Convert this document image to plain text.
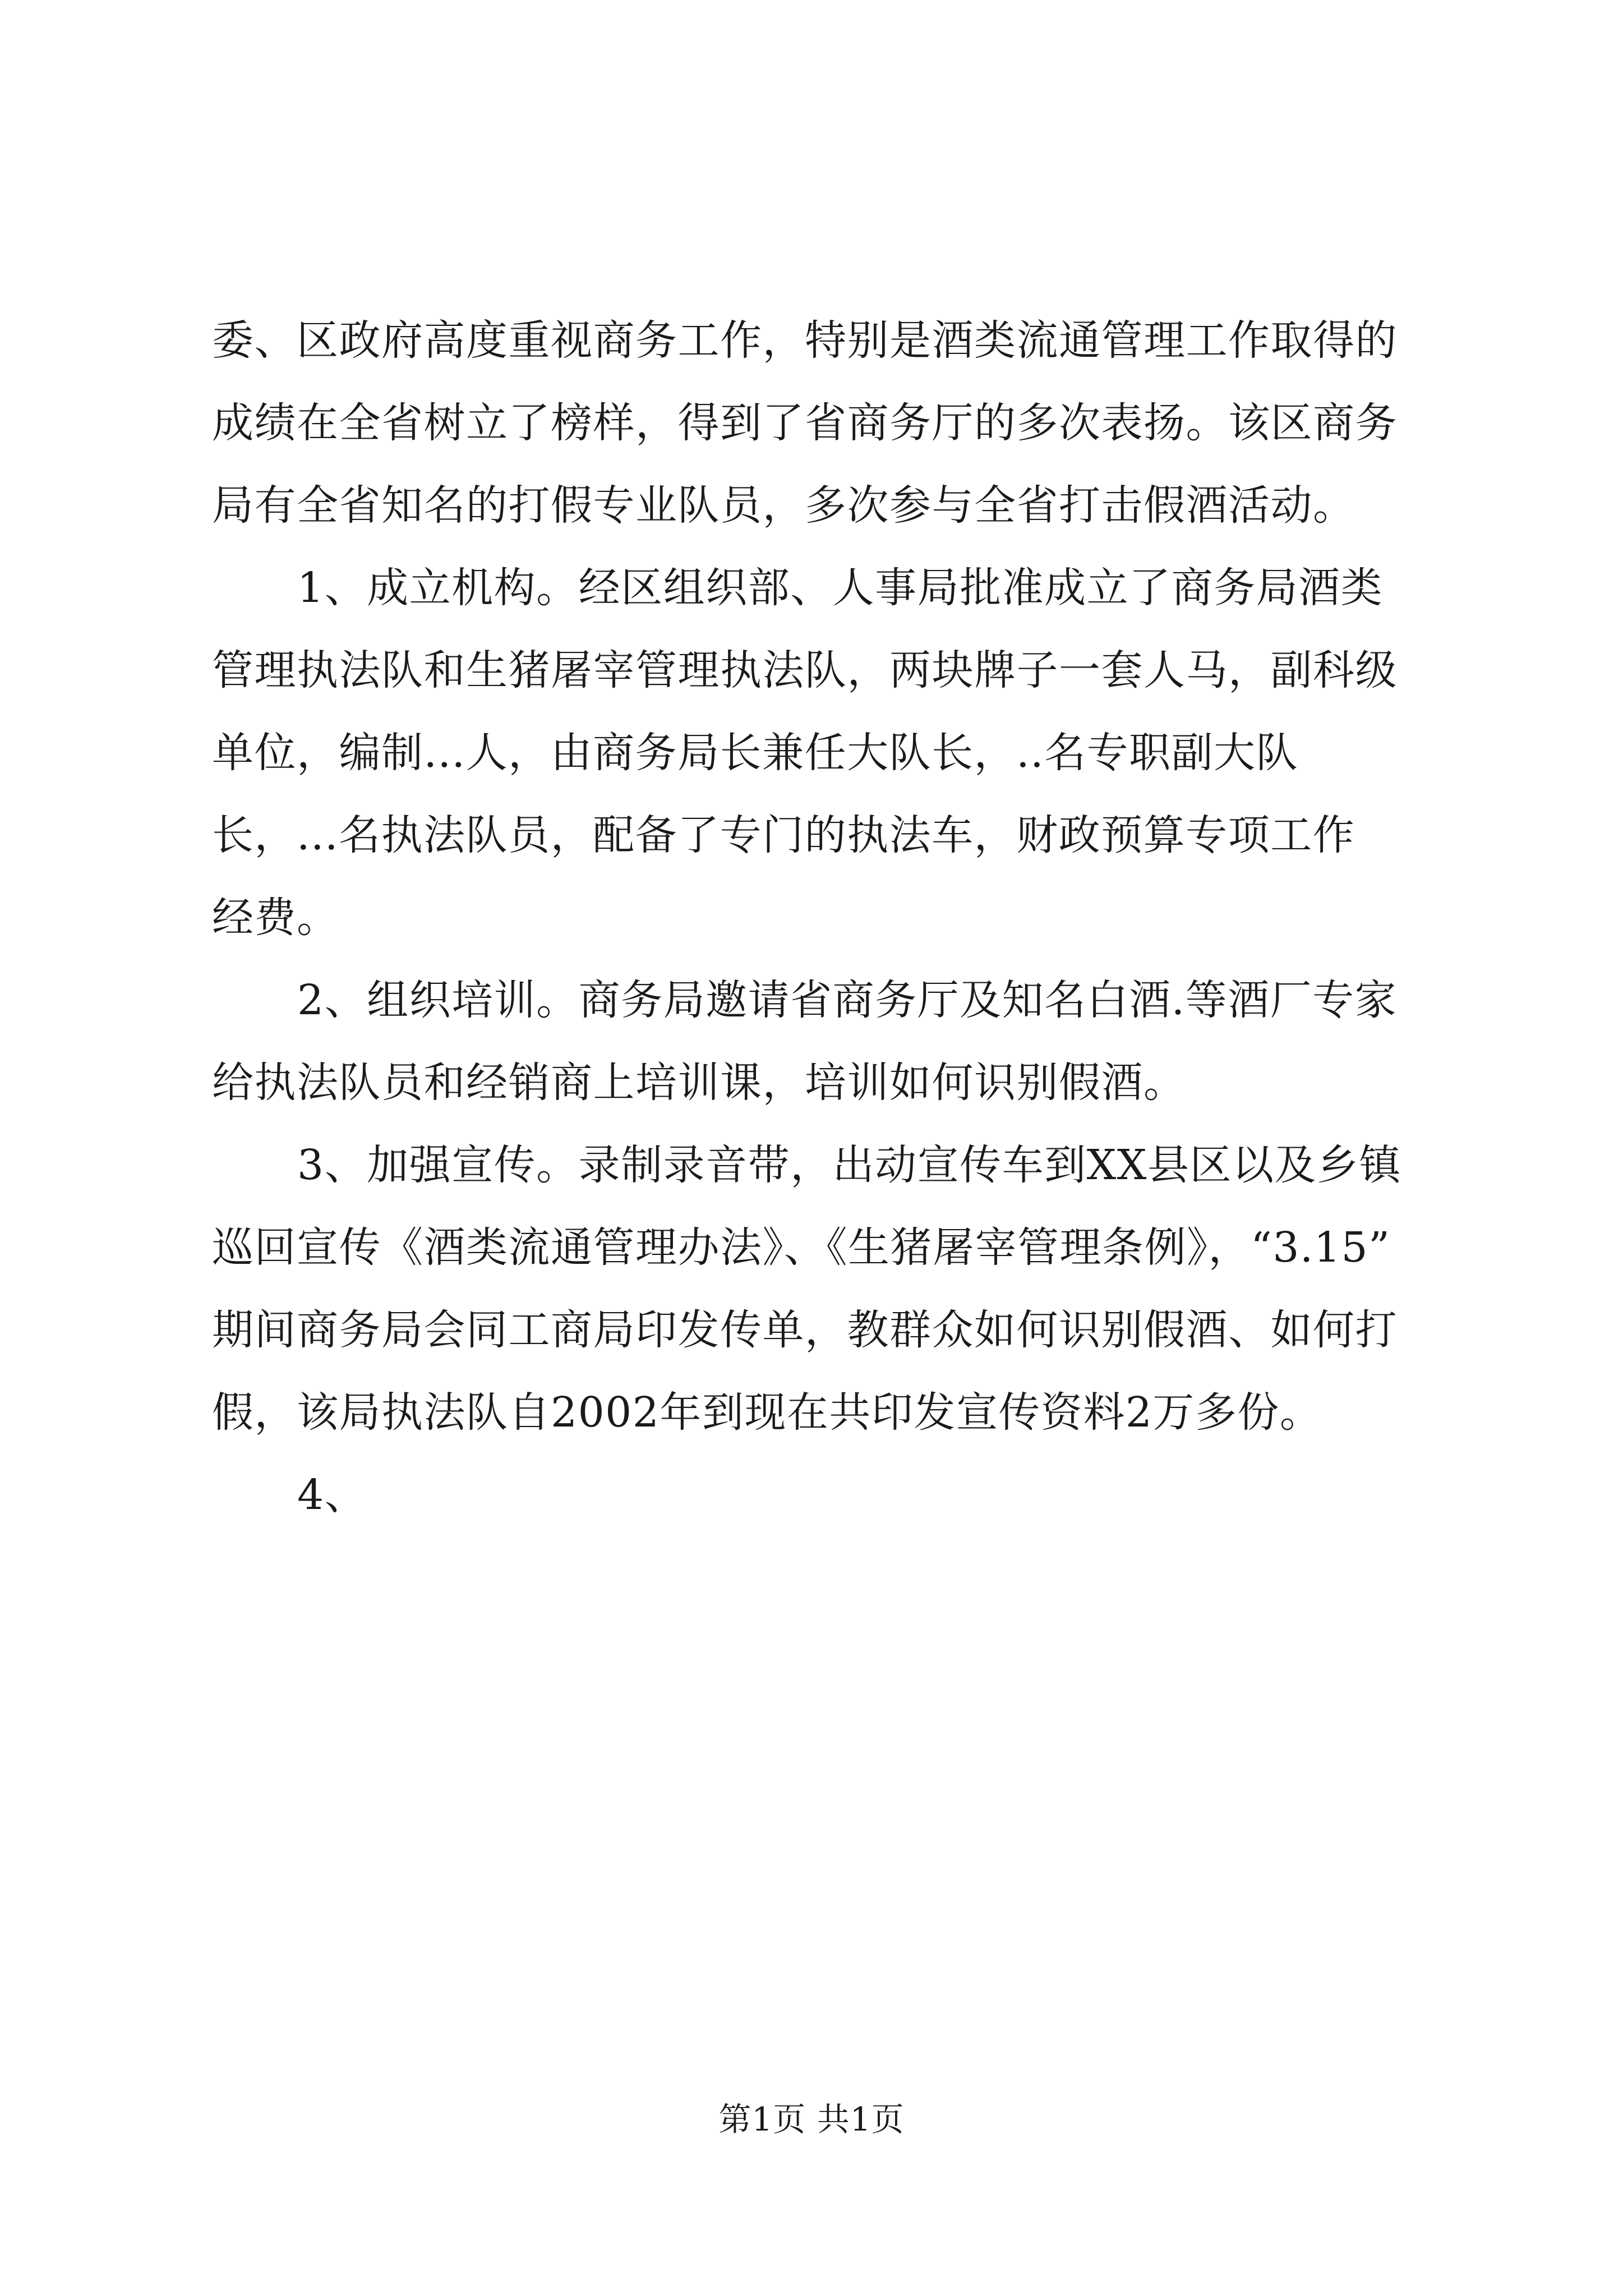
委、区政府高度重视商务工作，特别是酒类流通管理工作取得的
成绩在全省树立了榜样，得到了省商务厅的多次表扬。该区商务
局有全省知名的打假专业队员，多次参与全省打击假酒活动。
1、成立机构。经区组织部、人事局批准成立了商务局酒类
管理执法队和生猪屠宰管理执法队，两块牌子一套人马，副科级
单位，编制...人，由商务局长兼任大队长，..名专职副大队
长，...名执法队员，配备了专门的执法车，财政预算专项工作
经费。
2、组织培训。商务局邀请省商务厅及知名白酒.等酒厂专家
给执法队员和经销商上培训课，培训如何识别假酒。
3、加强宣传。录制录音带，出动宣传车到XX县区以及乡镇
巡回宣传《酒类流通管理办法》、《生猪屠宰管理条例》，“3.15”
期间商务局会同工商局印发传单，教群众如何识别假酒、如何打
假，该局执法队自2002年到现在共印发宣传资料2万多份。
4、
第1页 共1页
